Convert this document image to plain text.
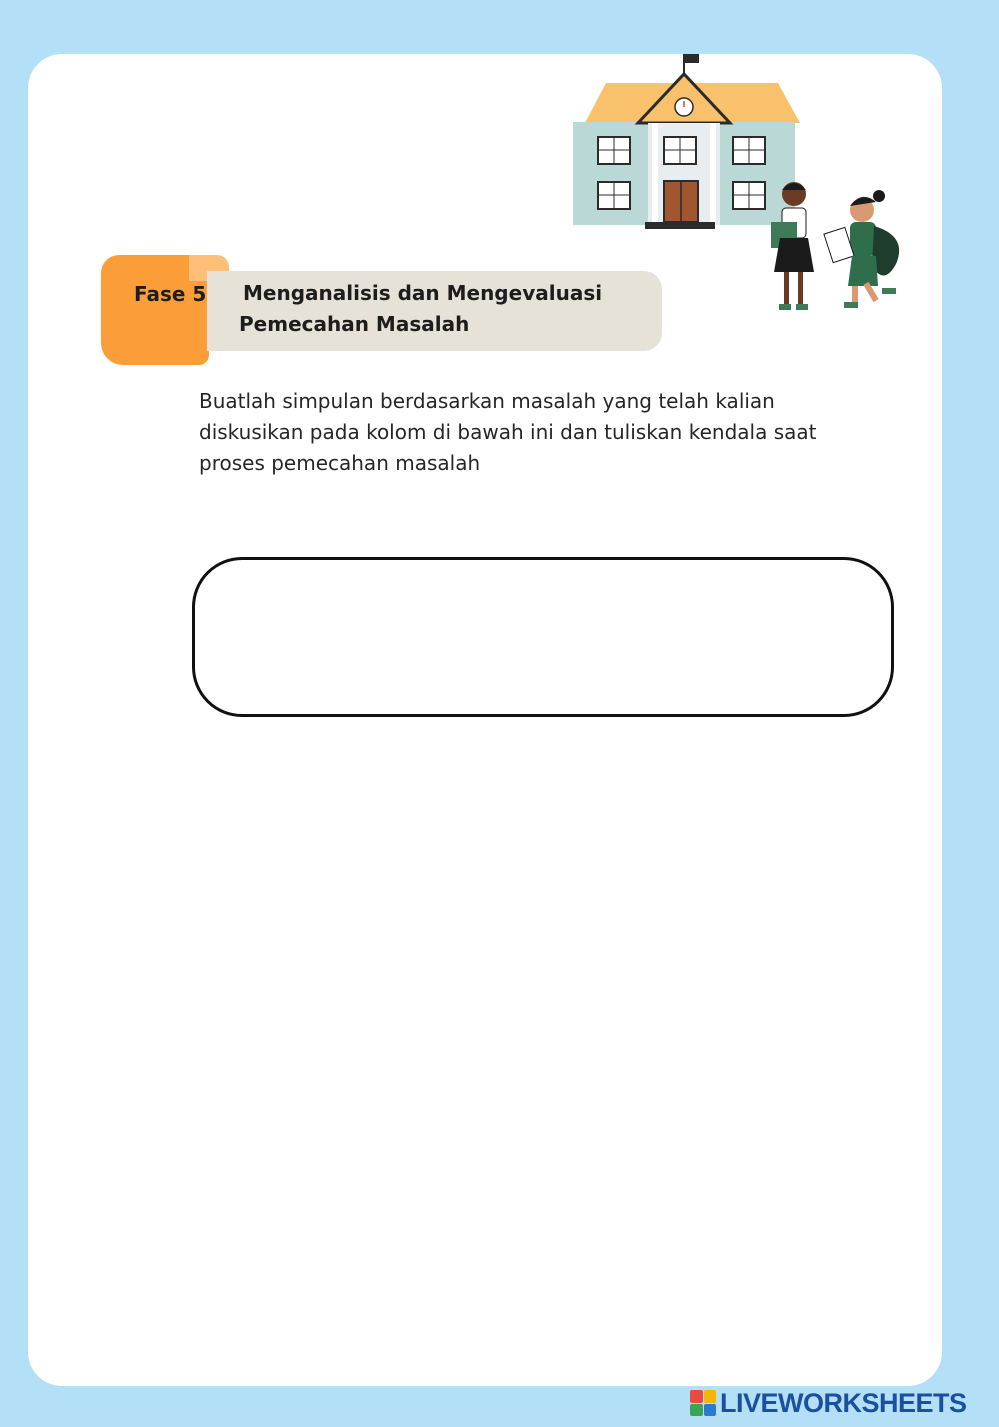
Fase 5 Menganalisis dan Mengevaluasi
Pemecahan Masalah
Buatlah simpulan berdasarkan masalah yang telah kalian
diskusikan pada kolom di bawah ini dan tuliskan kendala saat
proses pemecahan masalah
LIVEWORKSHEETS
